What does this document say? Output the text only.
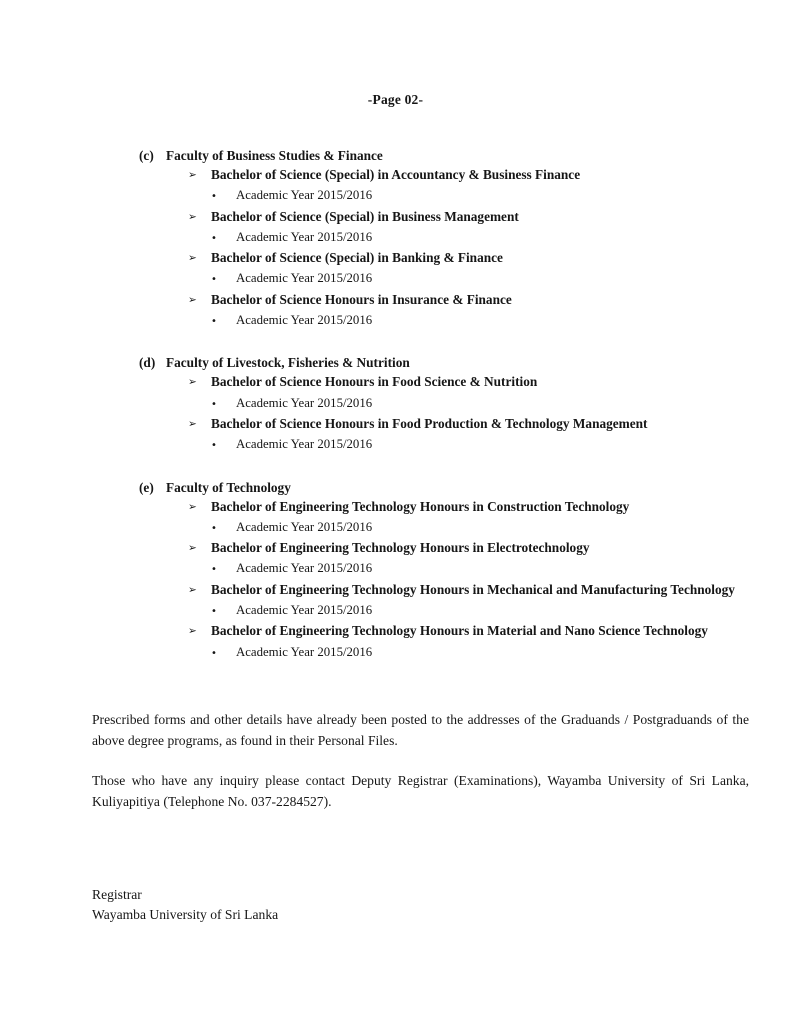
-Page 02-
(c) Faculty of Business Studies & Finance
➢	Bachelor of Science (Special) in Accountancy & Business Finance
•	Academic Year 2015/2016
➢	Bachelor of Science (Special) in Business Management
•	Academic Year 2015/2016
➢	Bachelor of Science (Special) in Banking & Finance
•	Academic Year 2015/2016
➢	Bachelor of Science Honours in Insurance & Finance
•	Academic Year 2015/2016
(d) Faculty of Livestock, Fisheries & Nutrition
➢	Bachelor of Science Honours in Food Science & Nutrition
•	Academic Year 2015/2016
➢	Bachelor of Science Honours in Food Production & Technology Management
•	Academic Year 2015/2016
(e) Faculty of Technology
➢	Bachelor of Engineering Technology Honours in Construction Technology
•	Academic Year 2015/2016
➢	Bachelor of Engineering Technology Honours in Electrotechnology
•	Academic Year 2015/2016
➢	Bachelor of Engineering Technology Honours in Mechanical and Manufacturing Technology
•	Academic Year 2015/2016
➢	Bachelor of Engineering Technology Honours in Material and Nano Science Technology
•	Academic Year 2015/2016

Prescribed forms and other details have already been posted to the addresses of the Graduands / Postgraduands of the above degree programs, as found in their Personal Files.

Those who have any inquiry please contact Deputy Registrar (Examinations), Wayamba University of Sri Lanka, Kuliyapitiya (Telephone No. 037-2284527).

Registrar
Wayamba University of Sri Lanka
